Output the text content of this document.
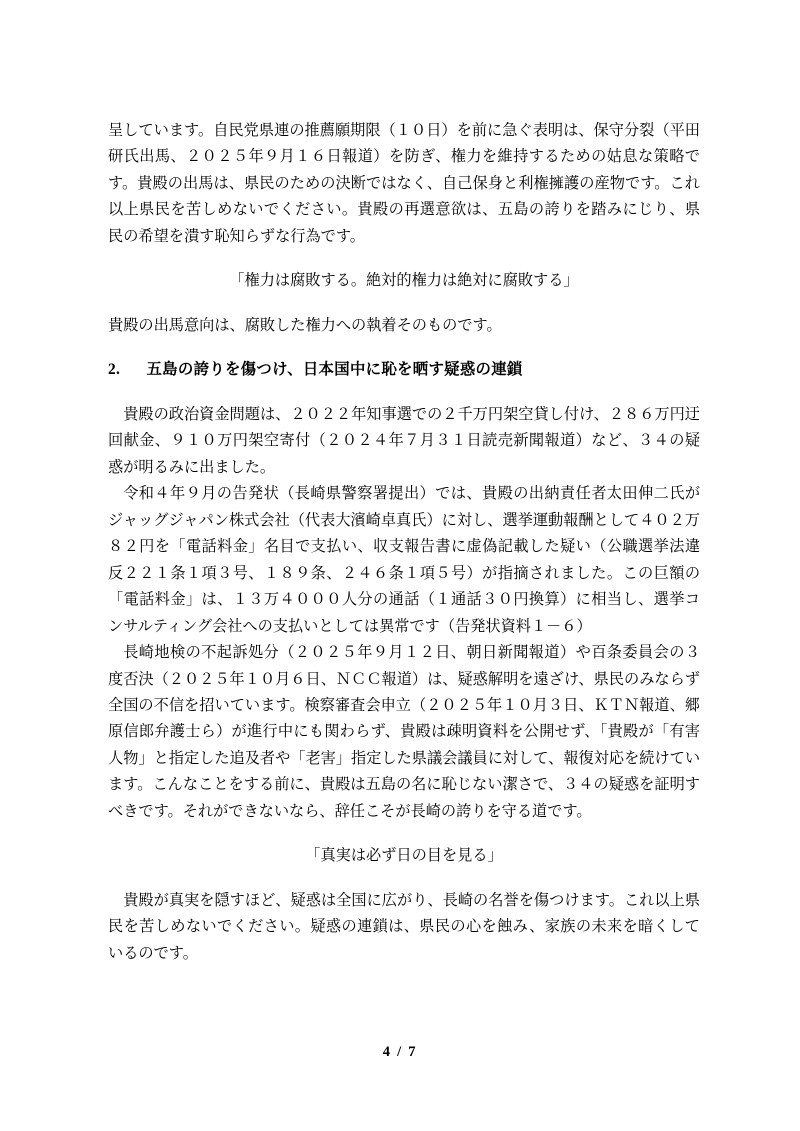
呈しています。自民党県連の推薦願期限（１０日）を前に急ぐ表明は、保守分裂（平田研氏出馬、２０２５年９月１６日報道）を防ぎ、権力を維持するための姑息な策略です。貴殿の出馬は、県民のための決断ではなく、自己保身と利権擁護の産物です。これ以上県民を苦しめないでください。貴殿の再選意欲は、五島の誇りを踏みにじり、県民の希望を潰す恥知らずな行為です。

「権力は腐敗する。絶対的権力は絶対に腐敗する」

貴殿の出馬意向は、腐敗した権力への執着そのものです。

2. 五島の誇りを傷つけ、日本国中に恥を晒す疑惑の連鎖

貴殿の政治資金問題は、２０２２年知事選での２千万円架空貸し付け、２８６万円迂回献金、９１０万円架空寄付（２０２４年７月３１日読売新聞報道）など、３４の疑惑が明るみに出ました。

令和４年９月の告発状（長崎県警察署提出）では、貴殿の出納責任者太田伸二氏がジャッグジャパン株式会社（代表大濱崎卓真氏）に対し、選挙運動報酬として４０２万８２円を「電話料金」名目で支払い、収支報告書に虚偽記載した疑い（公職選挙法違反２２１条１項３号、１８９条、２４６条１項５号）が指摘されました。この巨額の「電話料金」は、１３万４０００人分の通話（１通話３０円換算）に相当し、選挙コンサルティング会社への支払いとしては異常です（告発状資料１－６）

長崎地検の不起訴処分（２０２５年９月１２日、朝日新聞報道）や百条委員会の３度否決（２０２５年１０月６日、ＮＣＣ報道）は、疑惑解明を遠ざけ、県民のみならず全国の不信を招いています。検察審査会申立（２０２５年１０月３日、ＫＴＮ報道、郷原信郎弁護士ら）が進行中にも関わらず、貴殿は疎明資料を公開せず、「貴殿が「有害人物」と指定した追及者や「老害」指定した県議会議員に対して、報復対応を続けています。こんなことをする前に、貴殿は五島の名に恥じない潔さで、３４の疑惑を証明すべきです。それができないなら、辞任こそが長崎の誇りを守る道です。

「真実は必ず日の目を見る」

貴殿が真実を隠すほど、疑惑は全国に広がり、長崎の名誉を傷つけます。これ以上県民を苦しめないでください。疑惑の連鎖は、県民の心を蝕み、家族の未来を暗くしているのです。

4 / 7
